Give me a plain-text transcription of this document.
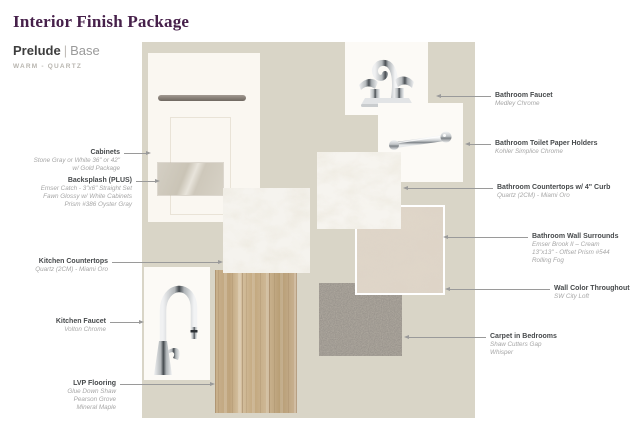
Interior Finish Package
Prelude | Base
WARM - QUARTZ
Cabinets
Stone Gray or White 36" or 42"
w/ Gold Package
Backsplash (PLUS)
Emser Catch - 3"x6" Straight Set
Fawn Glossy w/ White Cabinets
Prism #386 Oyster Gray
Kitchen Countertops
Quartz (2CM) - Miami Oro
Kitchen Faucet
Volton Chrome
LVP Flooring
Glue Down Shaw
Pearson Grove
Mineral Maple
Bathroom Faucet
Medley Chrome
Bathroom Toilet Paper Holders
Kohler Simplice Chrome
Bathroom Countertops w/ 4" Curb
Quartz (2CM) - Miami Oro
Bathroom Wall Surrounds
Emser Brook II – Cream
13"x13" - Offset Prism #544
Rolling Fog
Wall Color Throughout
SW City Loft
Carpet in Bedrooms
Shaw Cutters Gap
Whisper
